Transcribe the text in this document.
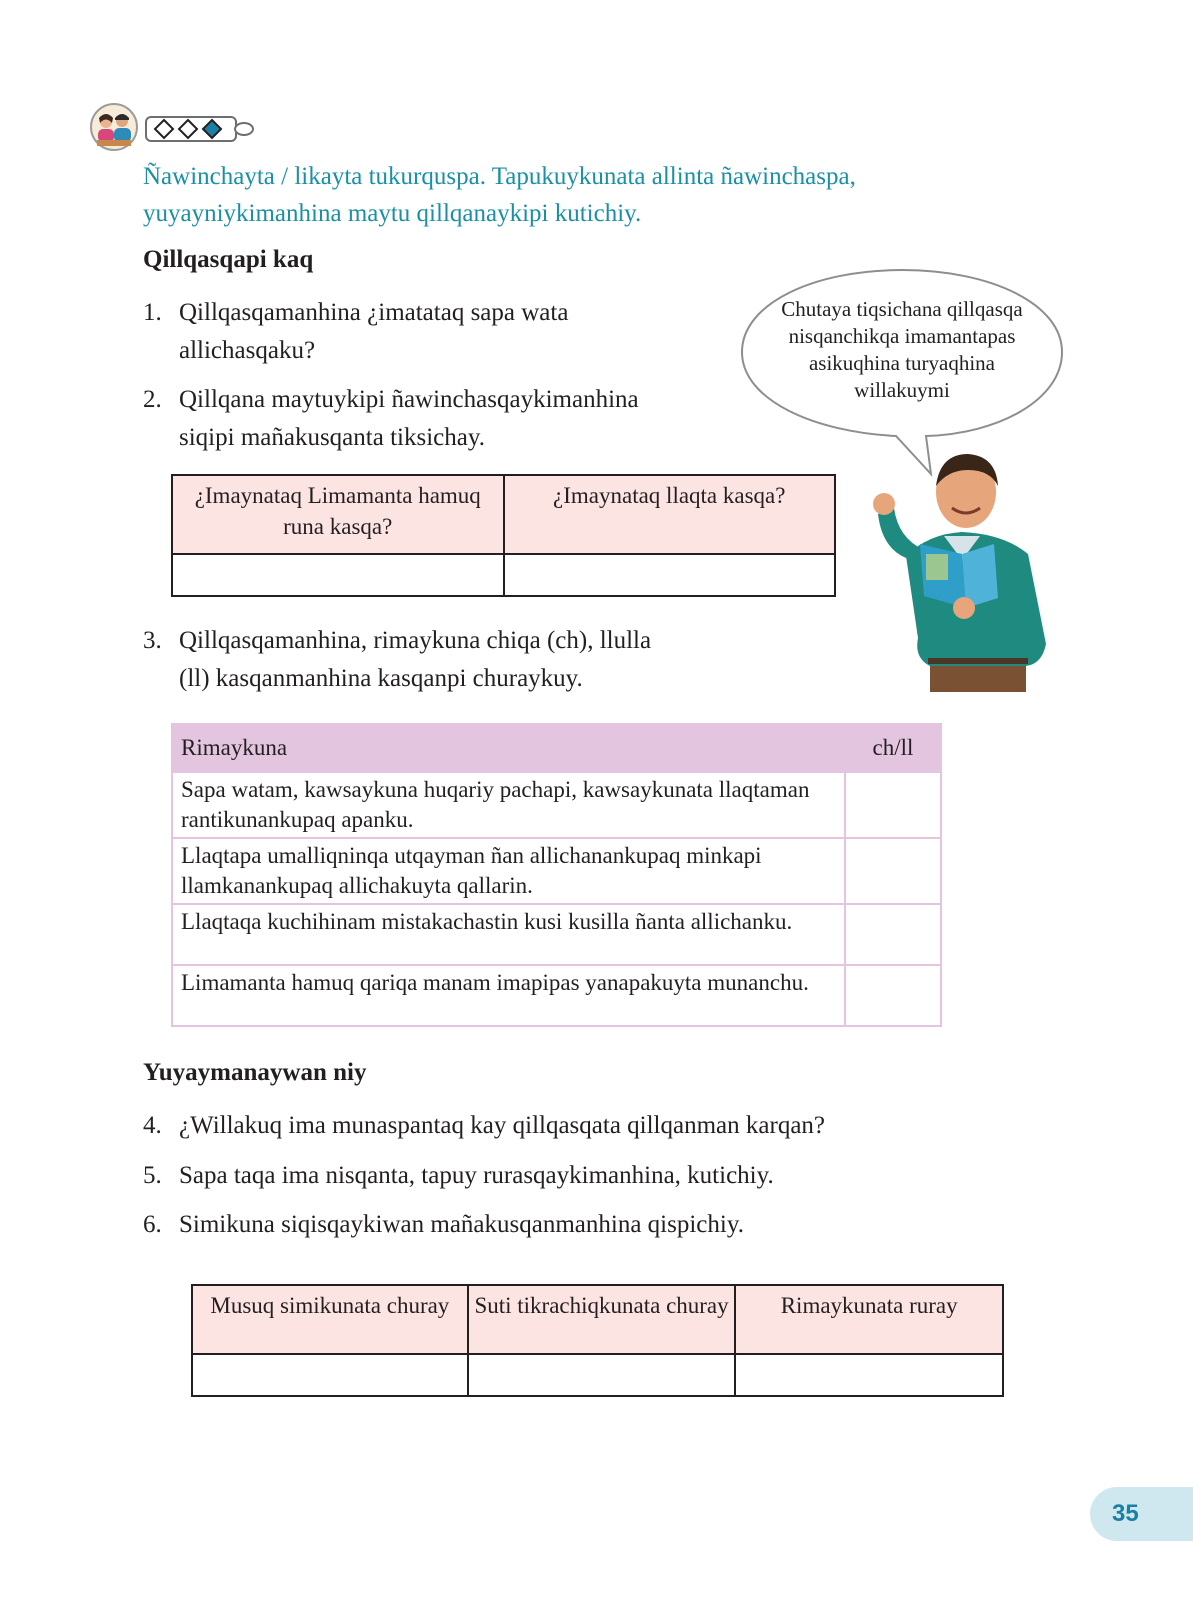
Ñawinchayta / likayta tukurquspa. Tapukuykunata allinta ñawinchaspa,

yuyayniykimanhina maytu qillqanaykipi kutichiy.

Qillqasqapi kaq
1. Qillqasqamanhina ¿imatataq sapa wata
allichasqaku?
2. Qillqana maytuykipi ñawinchasqaykimanhina
siqipi mañakusqanta tiksichay.
¿Imaynataq Limamanta hamuq runa kasqa?	¿Imaynataq llaqta kasqa?

3. Qillqasqamanhina, rimaykuna chiqa (ch), llulla
(ll) kasqanmanhina kasqanpi churaykuy.
Rimaykuna	ch/ll
Sapa watam, kawsaykuna huqariy pachapi, kawsaykunata llaqtaman rantikunankupaq apanku.	
Llaqtapa umalliqninqa utqayman ñan allichanankupaq minkapi llamkanankupaq allichakuyta qallarin.	
Llaqtaqa kuchihinam mistakachastin kusi kusilla ñanta allichanku.	
Limamanta hamuq qariqa manam imapipas yanapakuyta munanchu.	
Chutaya tiqsichana qillqasqa nisqanchikqa imamantapas asikuqhina turyaqhina willakuymi
Yuyaymanaywan niy
4. ¿Willakuq ima munaspantaq kay qillqasqata qillqanman karqan?
5. Sapa taqa ima nisqanta, tapuy rurasqaykimanhina, kutichiy.
6. Simikuna siqisqaykiwan mañakusqanmanhina qispichiy.
Musuq simikunata churay	Suti tikrachiqkunata churay	Rimaykunata ruray

35
